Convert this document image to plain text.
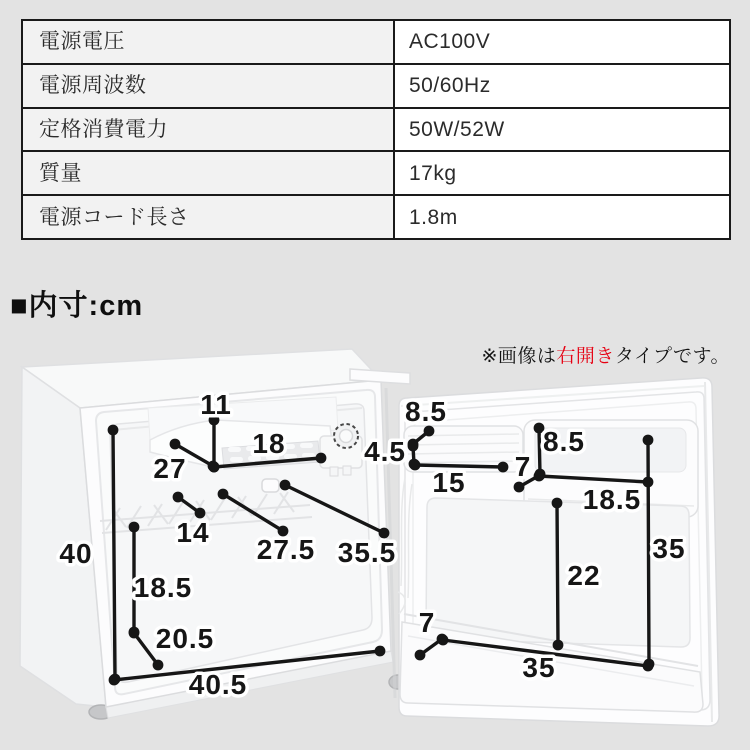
電源電圧	AC100V
電源周波数	50/60Hz
定格消費電力	50W/52W
質量	17kg
電源コード長さ	1.8m
■内寸:cm
※画像は右開きタイプです。
11
18
27
14
27.5 35.5
40
18.5
20.5
40.5
8.5
4.5
15
7
8.5
18.5
35
22
7
35
